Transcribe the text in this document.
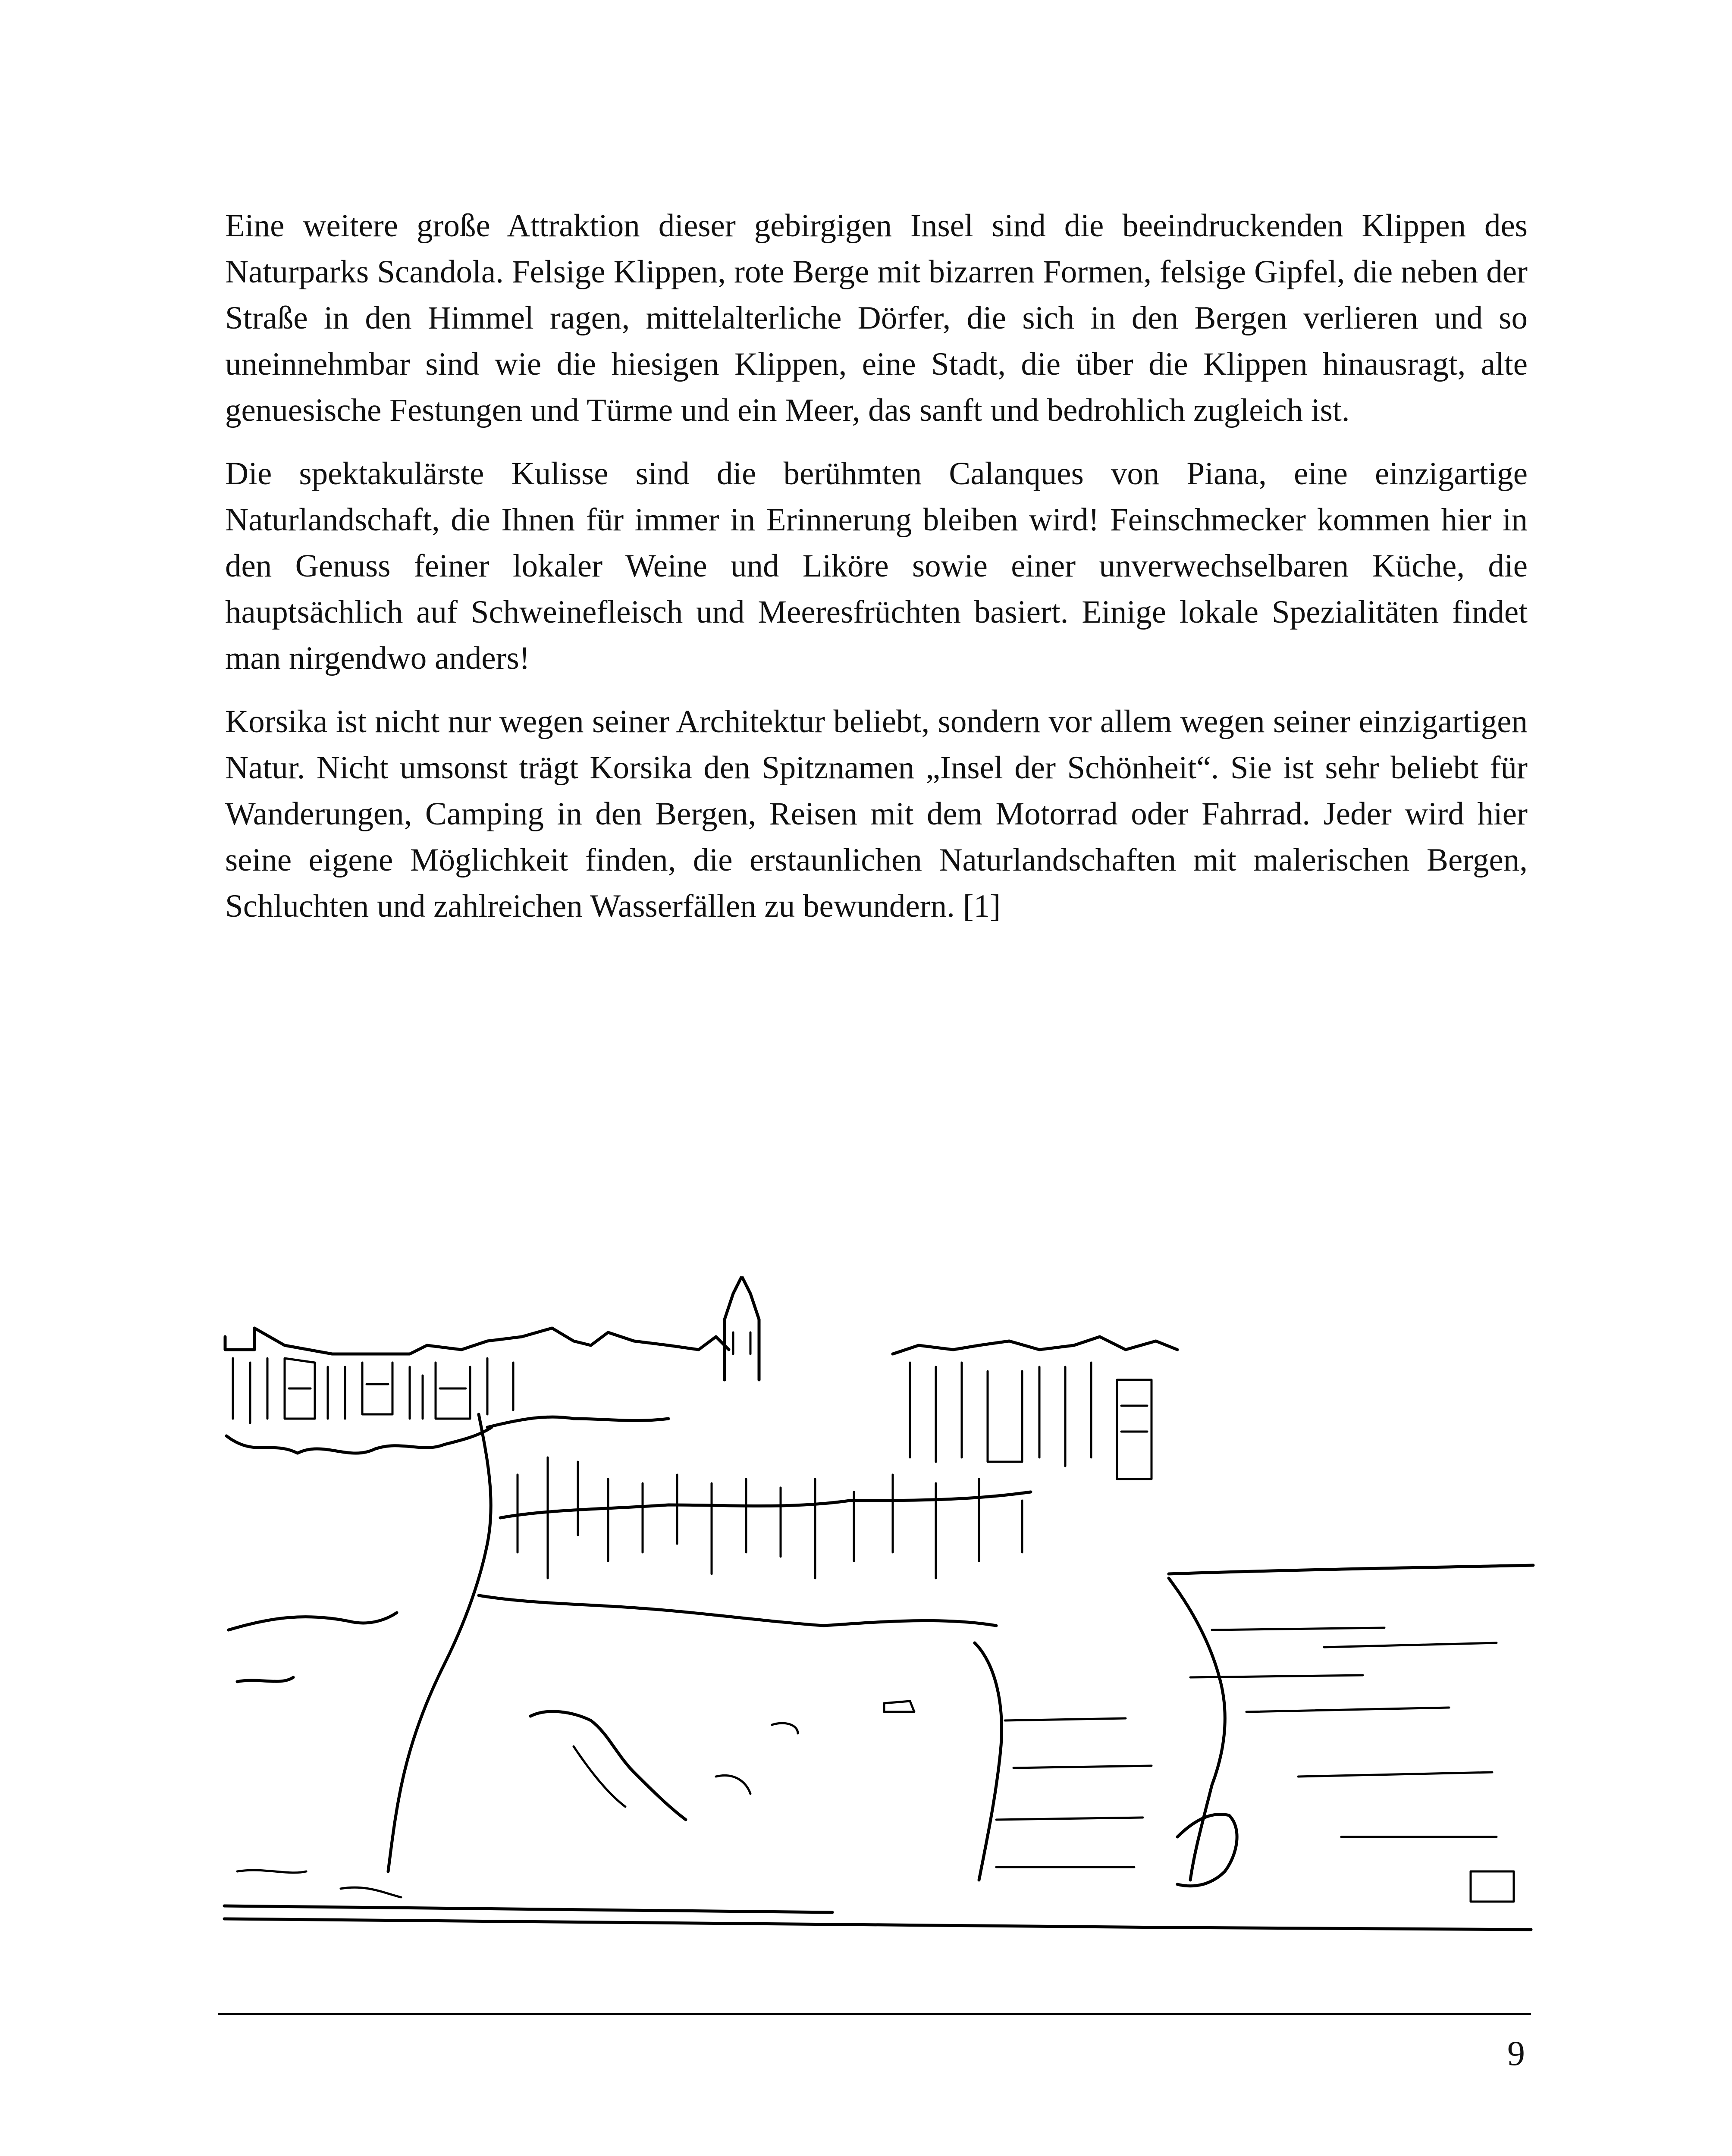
Eine weitere große Attraktion dieser gebirgigen Insel sind die beeindruckenden Klippen des Naturparks Scandola. Felsige Klippen, rote Berge mit bizarren Formen, felsige Gipfel, die neben der Straße in den Himmel ragen, mittelalterliche Dörfer, die sich in den Bergen verlieren und so uneinnehmbar sind wie die hiesigen Klippen, eine Stadt, die über die Klippen hinausragt, alte genuesische Festungen und Türme und ein Meer, das sanft und bedrohlich zugleich ist.

Die spektakulärste Kulisse sind die berühmten Calanques von Piana, eine einzigartige Naturlandschaft, die Ihnen für immer in Erinnerung bleiben wird! Feinschmecker kommen hier in den Genuss feiner lokaler Weine und Liköre sowie einer unverwechselbaren Küche, die hauptsächlich auf Schweinefleisch und Meeresfrüchten basiert. Einige lokale Spezialitäten findet man nirgendwo anders!

Korsika ist nicht nur wegen seiner Architektur beliebt, sondern vor allem wegen seiner einzigartigen Natur. Nicht umsonst trägt Korsika den Spitznamen „Insel der Schönheit“. Sie ist sehr beliebt für Wanderungen, Camping in den Bergen, Reisen mit dem Motorrad oder Fahrrad. Jeder wird hier seine eigene Möglichkeit finden, die erstaunlichen Naturlandschaften mit malerischen Bergen, Schluchten und zahlreichen Wasserfällen zu bewundern. [1]

9
